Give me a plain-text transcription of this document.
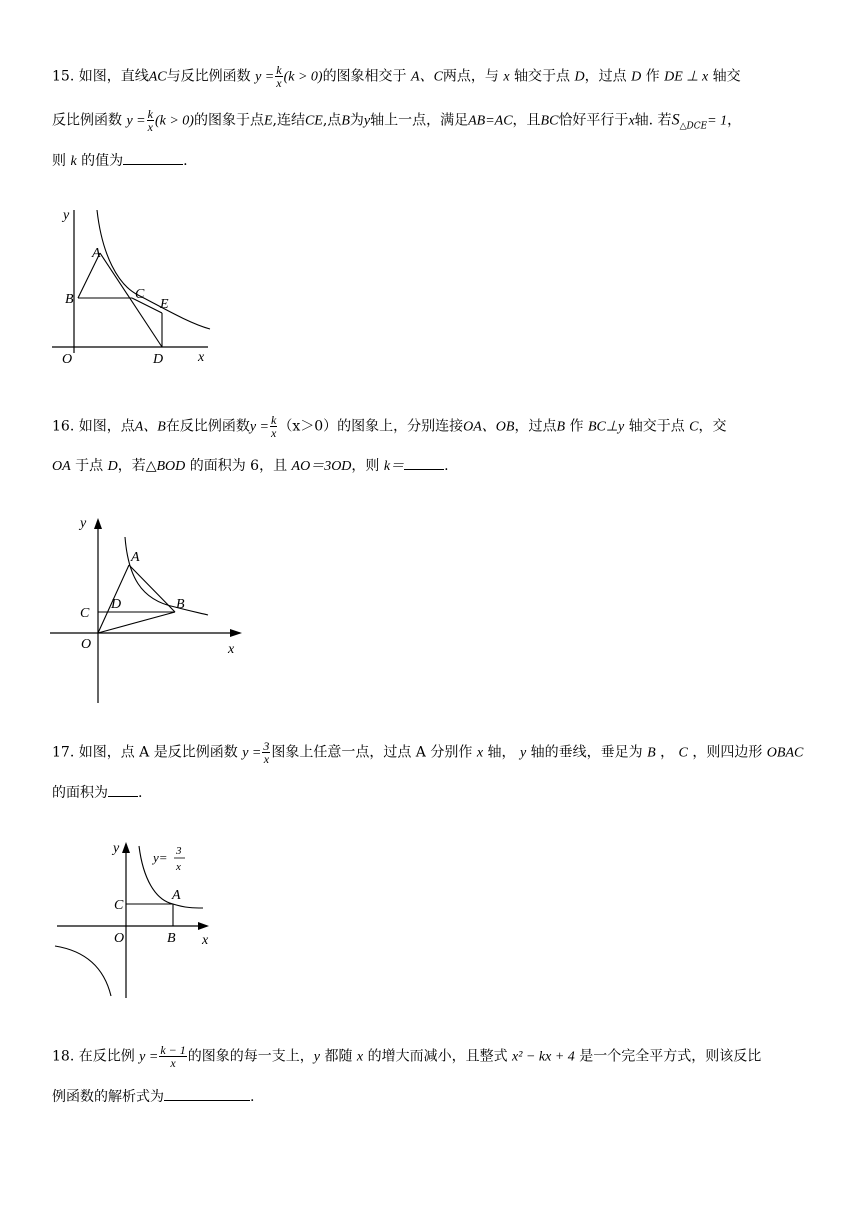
15. 如图，直线AC与反比例函数 $y = \frac{k}{x} (k > 0)$的图象相交于 A、C两点，与 x 轴交于点 D，过点 D 作 DE ⊥ x 轴交
反比例函数 $y = \frac{k}{x} (k > 0)$的图象于点E,连结CE,点B为y轴上一点，满足AB=AC，且BC恰好平行于x轴. 若$S_{\triangle DCE}= 1$，
则 k 的值为	.
y
A
B	C
E
O	D x
16. 如图，点A、B在反比例函数$y = \frac{k}{x} (x>0)$的图象上，分别连接OA、OB，过点B 作 BC⊥y 轴交于点 C，交
OA 于点 D，若△BOD 的面积为 6，且 AO＝3OD，则 k＝	.
y
A
C
D	B
O	x
17. 如图，点 A 是反比例函数 $y = \frac{3}{x}$ 图象上任意一点，过点 A 分别作 x 轴， y 轴的垂线，垂足为 B ， C ，则四边形 OBAC
的面积为 .
y
y= 3
x
C
A
O	B x
18. 在反比例 $y = \frac{k - 1}{x}$ 的图象的每一支上，y 都随 x 的增大而减小，且整式 x² − kx + 4 是一个完全平方式，则该反比
例函数的解析式为	.
